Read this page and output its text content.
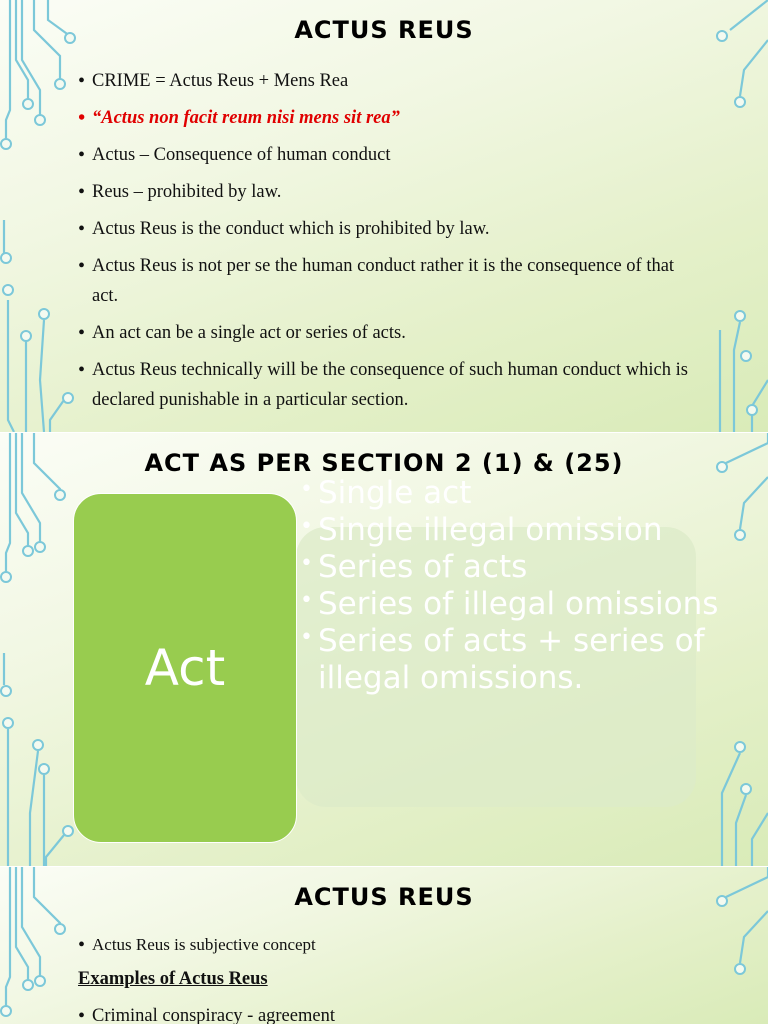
ACTUS REUS
• CRIME = Actus Reus + Mens Rea
• “Actus non facit reum nisi mens sit rea”
• Actus – Consequence of human conduct
• Reus – prohibited by law.
• Actus Reus is the conduct which is prohibited by law.
• Actus Reus is not per se the human conduct rather it is the consequence of that act.
• An act can be a single act or series of acts.
• Actus Reus technically will be the consequence of such human conduct which is declared punishable in a particular section.
ACT AS PER SECTION 2 (1) & (25)
Act
• Single act
• Single illegal omission
• Series of acts
• Series of illegal omissions
• Series of acts + series of illegal omissions.
ACTUS REUS
• Actus Reus is subjective concept
Examples of Actus Reus
• Criminal conspiracy - agreement
